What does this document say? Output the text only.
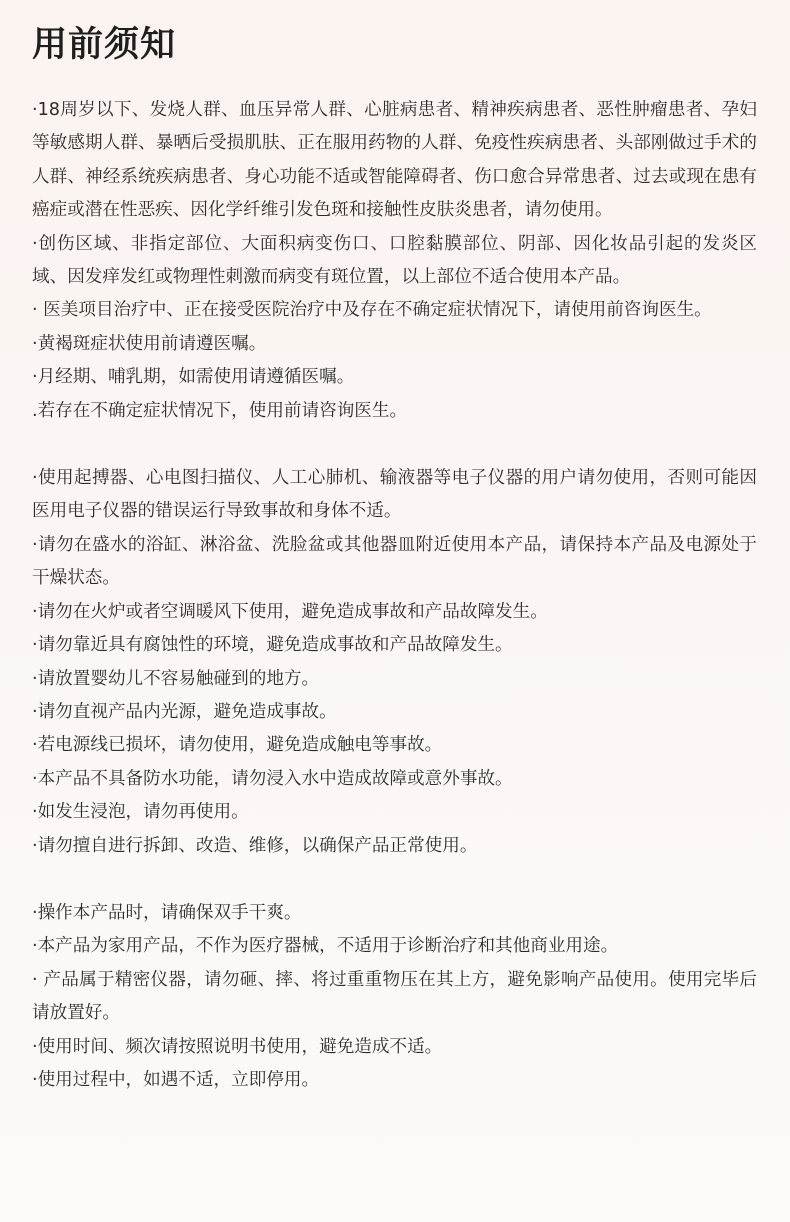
用前须知

·18周岁以下、发烧人群、血压异常人群、心脏病患者、精神疾病患者、恶性肿瘤患者、孕妇等敏感期人群、暴晒后受损肌肤、正在服用药物的人群、免疫性疾病患者、头部刚做过手术的人群、神经系统疾病患者、身心功能不适或智能障碍者、伤口愈合异常患者、过去或现在患有癌症或潜在性恶疾、因化学纤维引发色斑和接触性皮肤炎患者，请勿使用。

·创伤区域、非指定部位、大面积病变伤口、口腔黏膜部位、阴部、因化妆品引起的发炎区域、因发痒发红或物理性刺激而病变有斑位置，以上部位不适合使用本产品。

· 医美项目治疗中、正在接受医院治疗中及存在不确定症状情况下，请使用前咨询医生。

·黄褐斑症状使用前请遵医嘱。

·月经期、哺乳期，如需使用请遵循医嘱。

.若存在不确定症状情况下，使用前请咨询医生。

·使用起搏器、心电图扫描仪、人工心肺机、输液器等电子仪器的用户请勿使用，否则可能因医用电子仪器的错误运行导致事故和身体不适。

·请勿在盛水的浴缸、淋浴盆、洗脸盆或其他器皿附近使用本产品，请保持本产品及电源处于干燥状态。

·请勿在火炉或者空调暖风下使用，避免造成事故和产品故障发生。

·请勿靠近具有腐蚀性的环境，避免造成事故和产品故障发生。

·请放置婴幼儿不容易触碰到的地方。

·请勿直视产品内光源，避免造成事故。

·若电源线已损坏，请勿使用，避免造成触电等事故。

·本产品不具备防水功能，请勿浸入水中造成故障或意外事故。

·如发生浸泡，请勿再使用。

·请勿擅自进行拆卸、改造、维修，以确保产品正常使用。

·操作本产品时，请确保双手干爽。

·本产品为家用产品，不作为医疗器械，不适用于诊断治疗和其他商业用途。

· 产品属于精密仪器，请勿砸、摔、将过重重物压在其上方，避免影响产品使用。使用完毕后请放置好。

·使用时间、频次请按照说明书使用，避免造成不适。

·使用过程中，如遇不适，立即停用。
